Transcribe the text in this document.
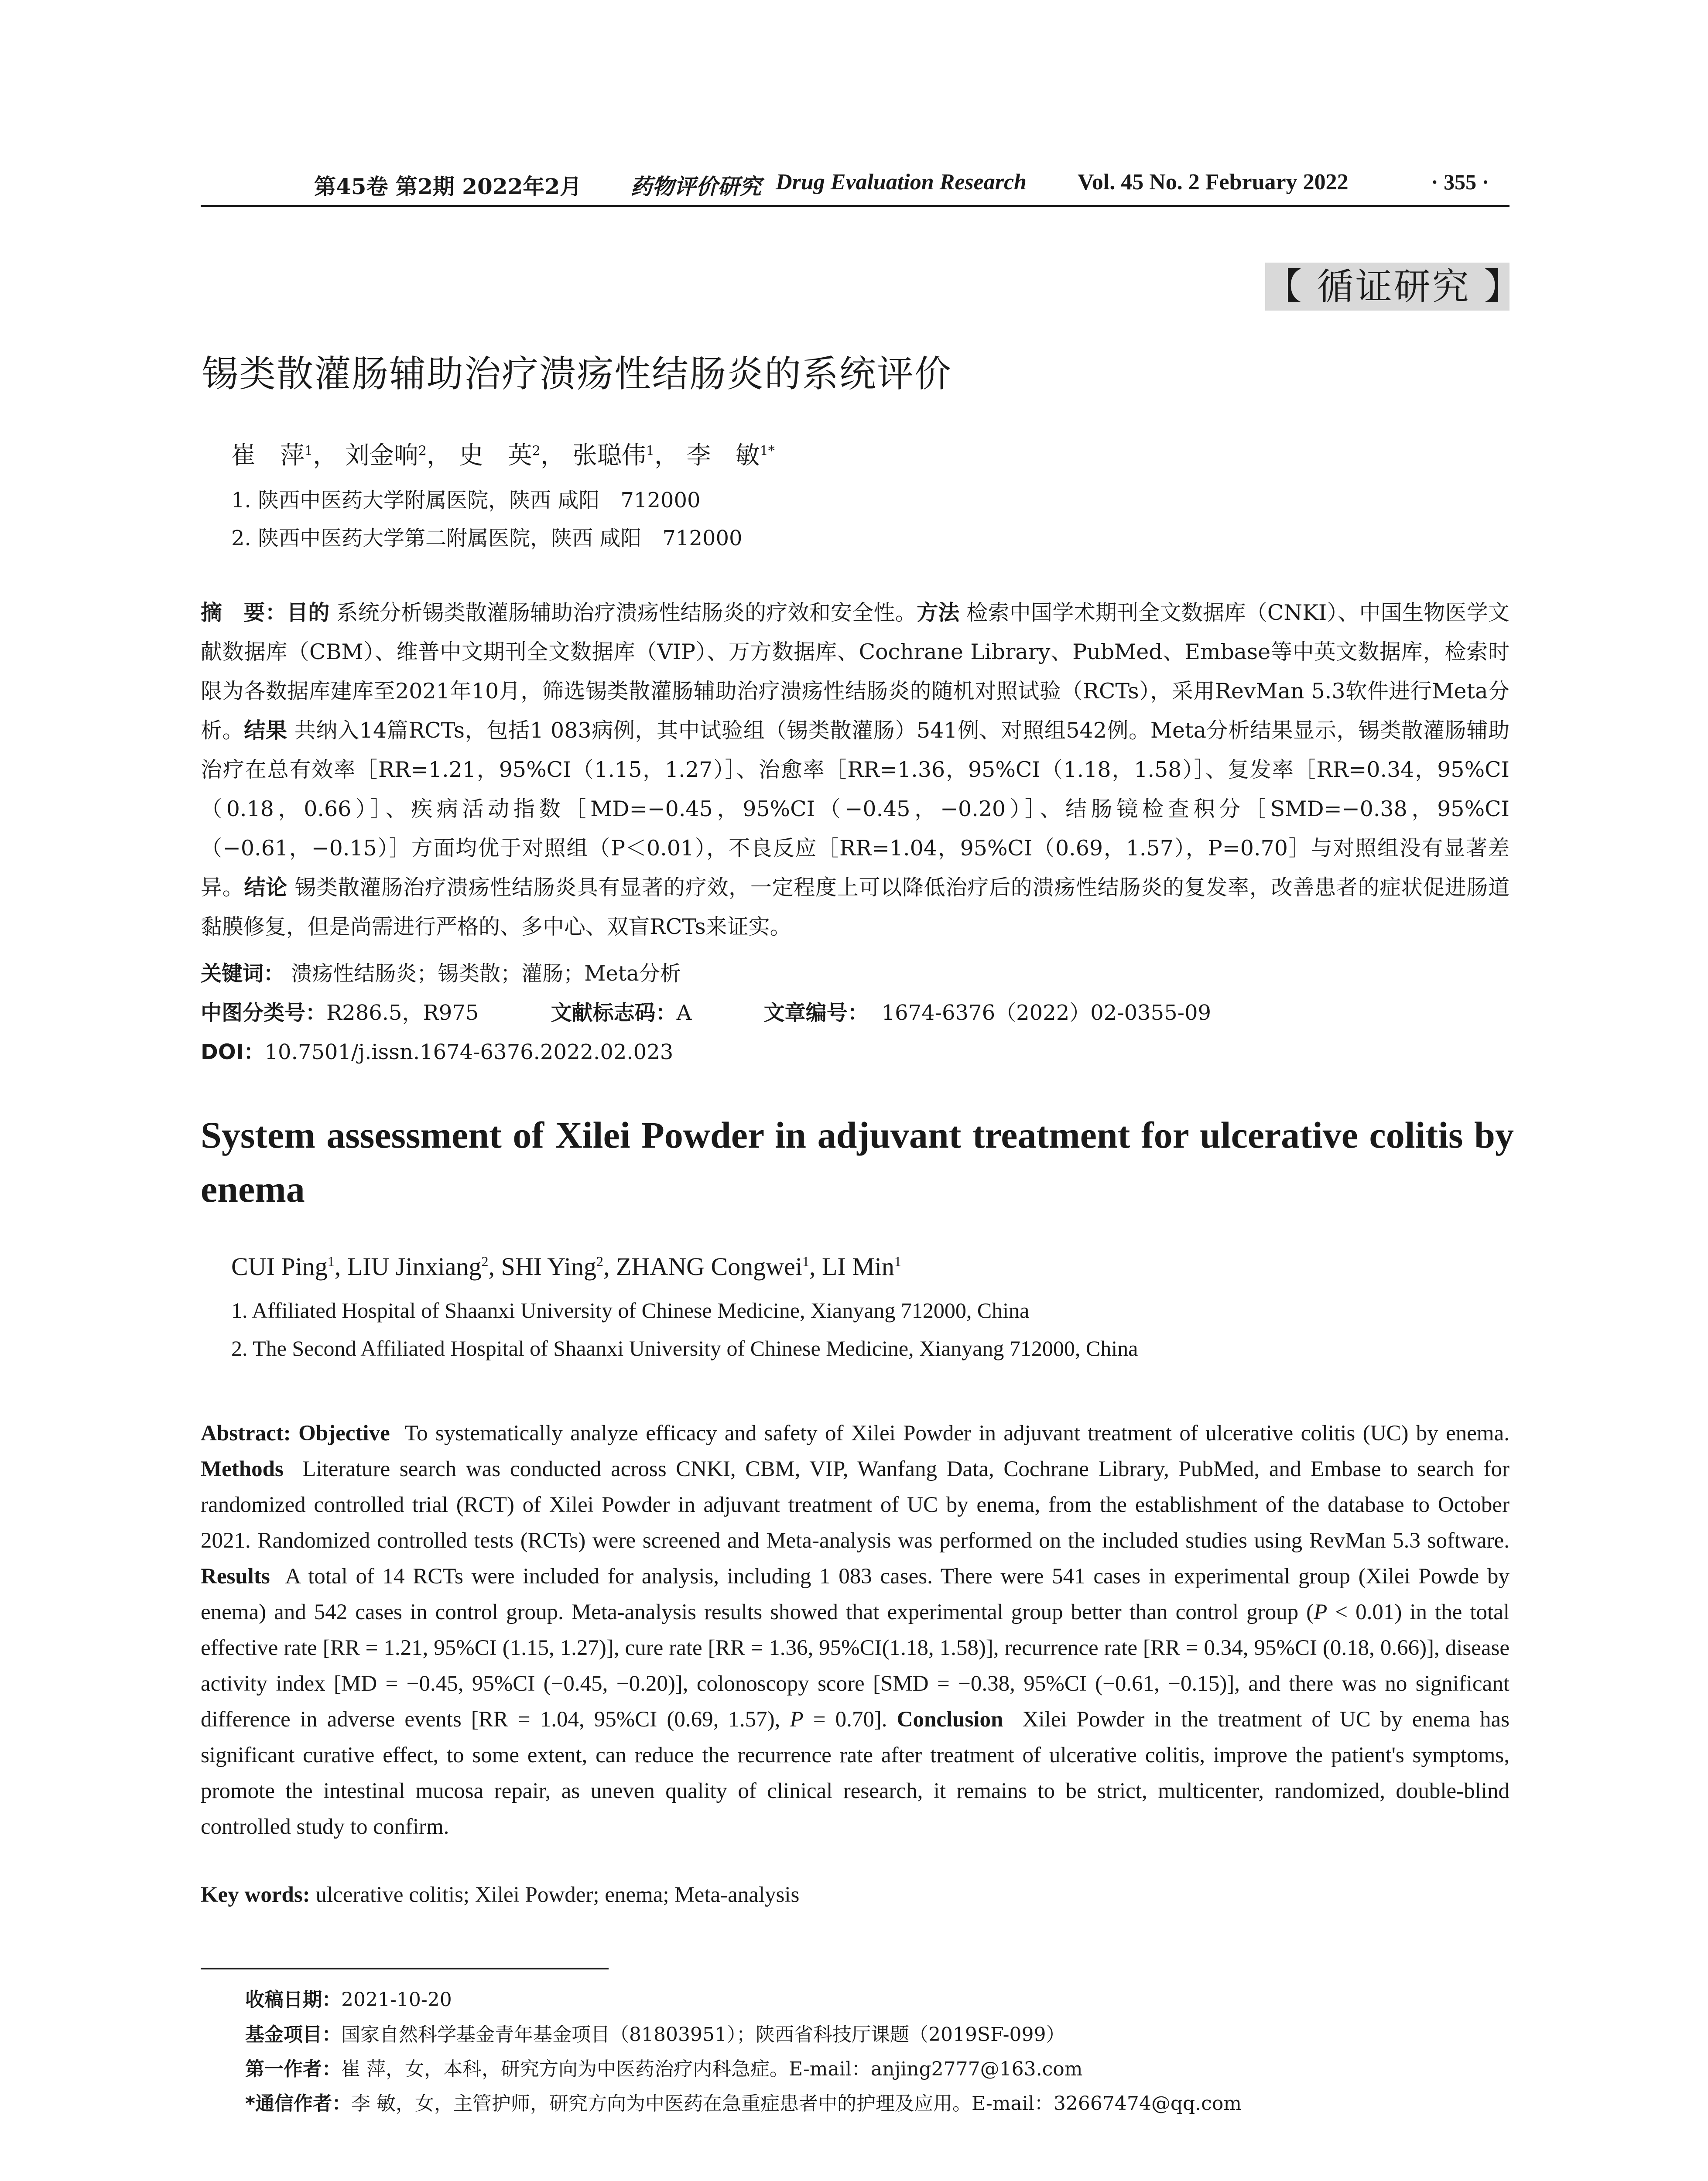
第45卷 第2期 2022年2月 药物评价研究 Drug Evaluation Research Vol. 45 No. 2 February 2022	· 355 ·
【 循证研究 】
锡类散灌肠辅助治疗溃疡性结肠炎的系统评价
崔　萍$^1$， 刘金响$^2$， 史　英$^2$， 张聪伟$^1$， 李　敏$^{1*}$
1. 陕西中医药大学附属医院，陕西 咸阳　712000
2. 陕西中医药大学第二附属医院，陕西 咸阳　712000
摘　要：目的 系统分析锡类散灌肠辅助治疗溃疡性结肠炎的疗效和安全性。方法 检索中国学术期刊全文数据库（CNKI）、中国生物医学文献数据库（CBM）、维普中文期刊全文数据库（VIP）、万方数据库、Cochrane Library、PubMed、Embase等中英文数据库，检索时限为各数据库建库至2021年10月，筛选锡类散灌肠辅助治疗溃疡性结肠炎的随机对照试验（RCTs），采用RevMan 5.3软件进行Meta分析。结果 共纳入14篇RCTs，包括1 083病例，其中试验组（锡类散灌肠）541例、对照组542例。Meta分析结果显示，锡类散灌肠辅助治疗在总有效率［RR=1.21，95%CI（1.15，1.27）］、治愈率［RR=1.36，95%CI（1.18，1.58）］、复发率［RR=0.34，95%CI（0.18，0.66）］、疾病活动指数［MD=−0.45，95%CI（−0.45，−0.20）］、结肠镜检查积分［SMD=−0.38，95%CI（−0.61，−0.15）］方面均优于对照组（P＜0.01），不良反应［RR=1.04，95%CI（0.69，1.57），P=0.70］与对照组没有显著差异。结论 锡类散灌肠治疗溃疡性结肠炎具有显著的疗效，一定程度上可以降低治疗后的溃疡性结肠炎的复发率，改善患者的症状促进肠道黏膜修复，但是尚需进行严格的、多中心、双盲RCTs来证实。
关键词： 溃疡性结肠炎；锡类散；灌肠；Meta分析
中图分类号：R286.5，R975	文献标志码：A	文章编号： 1674-6376（2022）02-0355-09
DOI：10.7501/j.issn.1674-6376.2022.02.023
System assessment of Xilei Powder in adjuvant treatment for ulcerative colitis by enema
CUI Ping$^1$, LIU Jinxiang$^2$, SHI Ying$^2$, ZHANG Congwei$^1$, LI Min$^1$
1. Affiliated Hospital of Shaanxi University of Chinese Medicine, Xianyang 712000, China
2. The Second Affiliated Hospital of Shaanxi University of Chinese Medicine, Xianyang 712000, China
Abstract: Objective To systematically analyze efficacy and safety of Xilei Powder in adjuvant treatment of ulcerative colitis (UC) by enema. Methods Literature search was conducted across CNKI, CBM, VIP, Wanfang Data, Cochrane Library, PubMed, and Embase to search for randomized controlled trial (RCT) of Xilei Powder in adjuvant treatment of UC by enema, from the establishment of the database to October 2021. Randomized controlled tests (RCTs) were screened and Meta-analysis was performed on the included studies using RevMan 5.3 software. Results A total of 14 RCTs were included for analysis, including 1 083 cases. There were 541 cases in experimental group (Xilei Powde by enema) and 542 cases in control group. Meta-analysis results showed that experimental group better than control group (P < 0.01) in the total effective rate [RR = 1.21, 95%CI (1.15, 1.27)], cure rate [RR = 1.36, 95%CI(1.18, 1.58)], recurrence rate [RR = 0.34, 95%CI (0.18, 0.66)], disease activity index [MD = −0.45, 95%CI (−0.45, −0.20)], colonoscopy score [SMD = −0.38, 95%CI (−0.61, −0.15)], and there was no significant difference in adverse events [RR = 1.04, 95%CI (0.69, 1.57), P = 0.70]. Conclusion Xilei Powder in the treatment of UC by enema has significant curative effect, to some extent, can reduce the recurrence rate after treatment of ulcerative colitis, improve the patient's symptoms, promote the intestinal mucosa repair, as uneven quality of clinical research, it remains to be strict, multicenter, randomized, double-blind controlled study to confirm.
Key words: ulcerative colitis; Xilei Powder; enema; Meta-analysis
收稿日期：2021-10-20
基金项目：国家自然科学基金青年基金项目（81803951）；陕西省科技厅课题（2019SF-099）
第一作者：崔 萍，女，本科，研究方向为中医药治疗内科急症。E-mail：anjing2777@163.com
*通信作者：李 敏，女，主管护师，研究方向为中医药在急重症患者中的护理及应用。E-mail：32667474@qq.com
